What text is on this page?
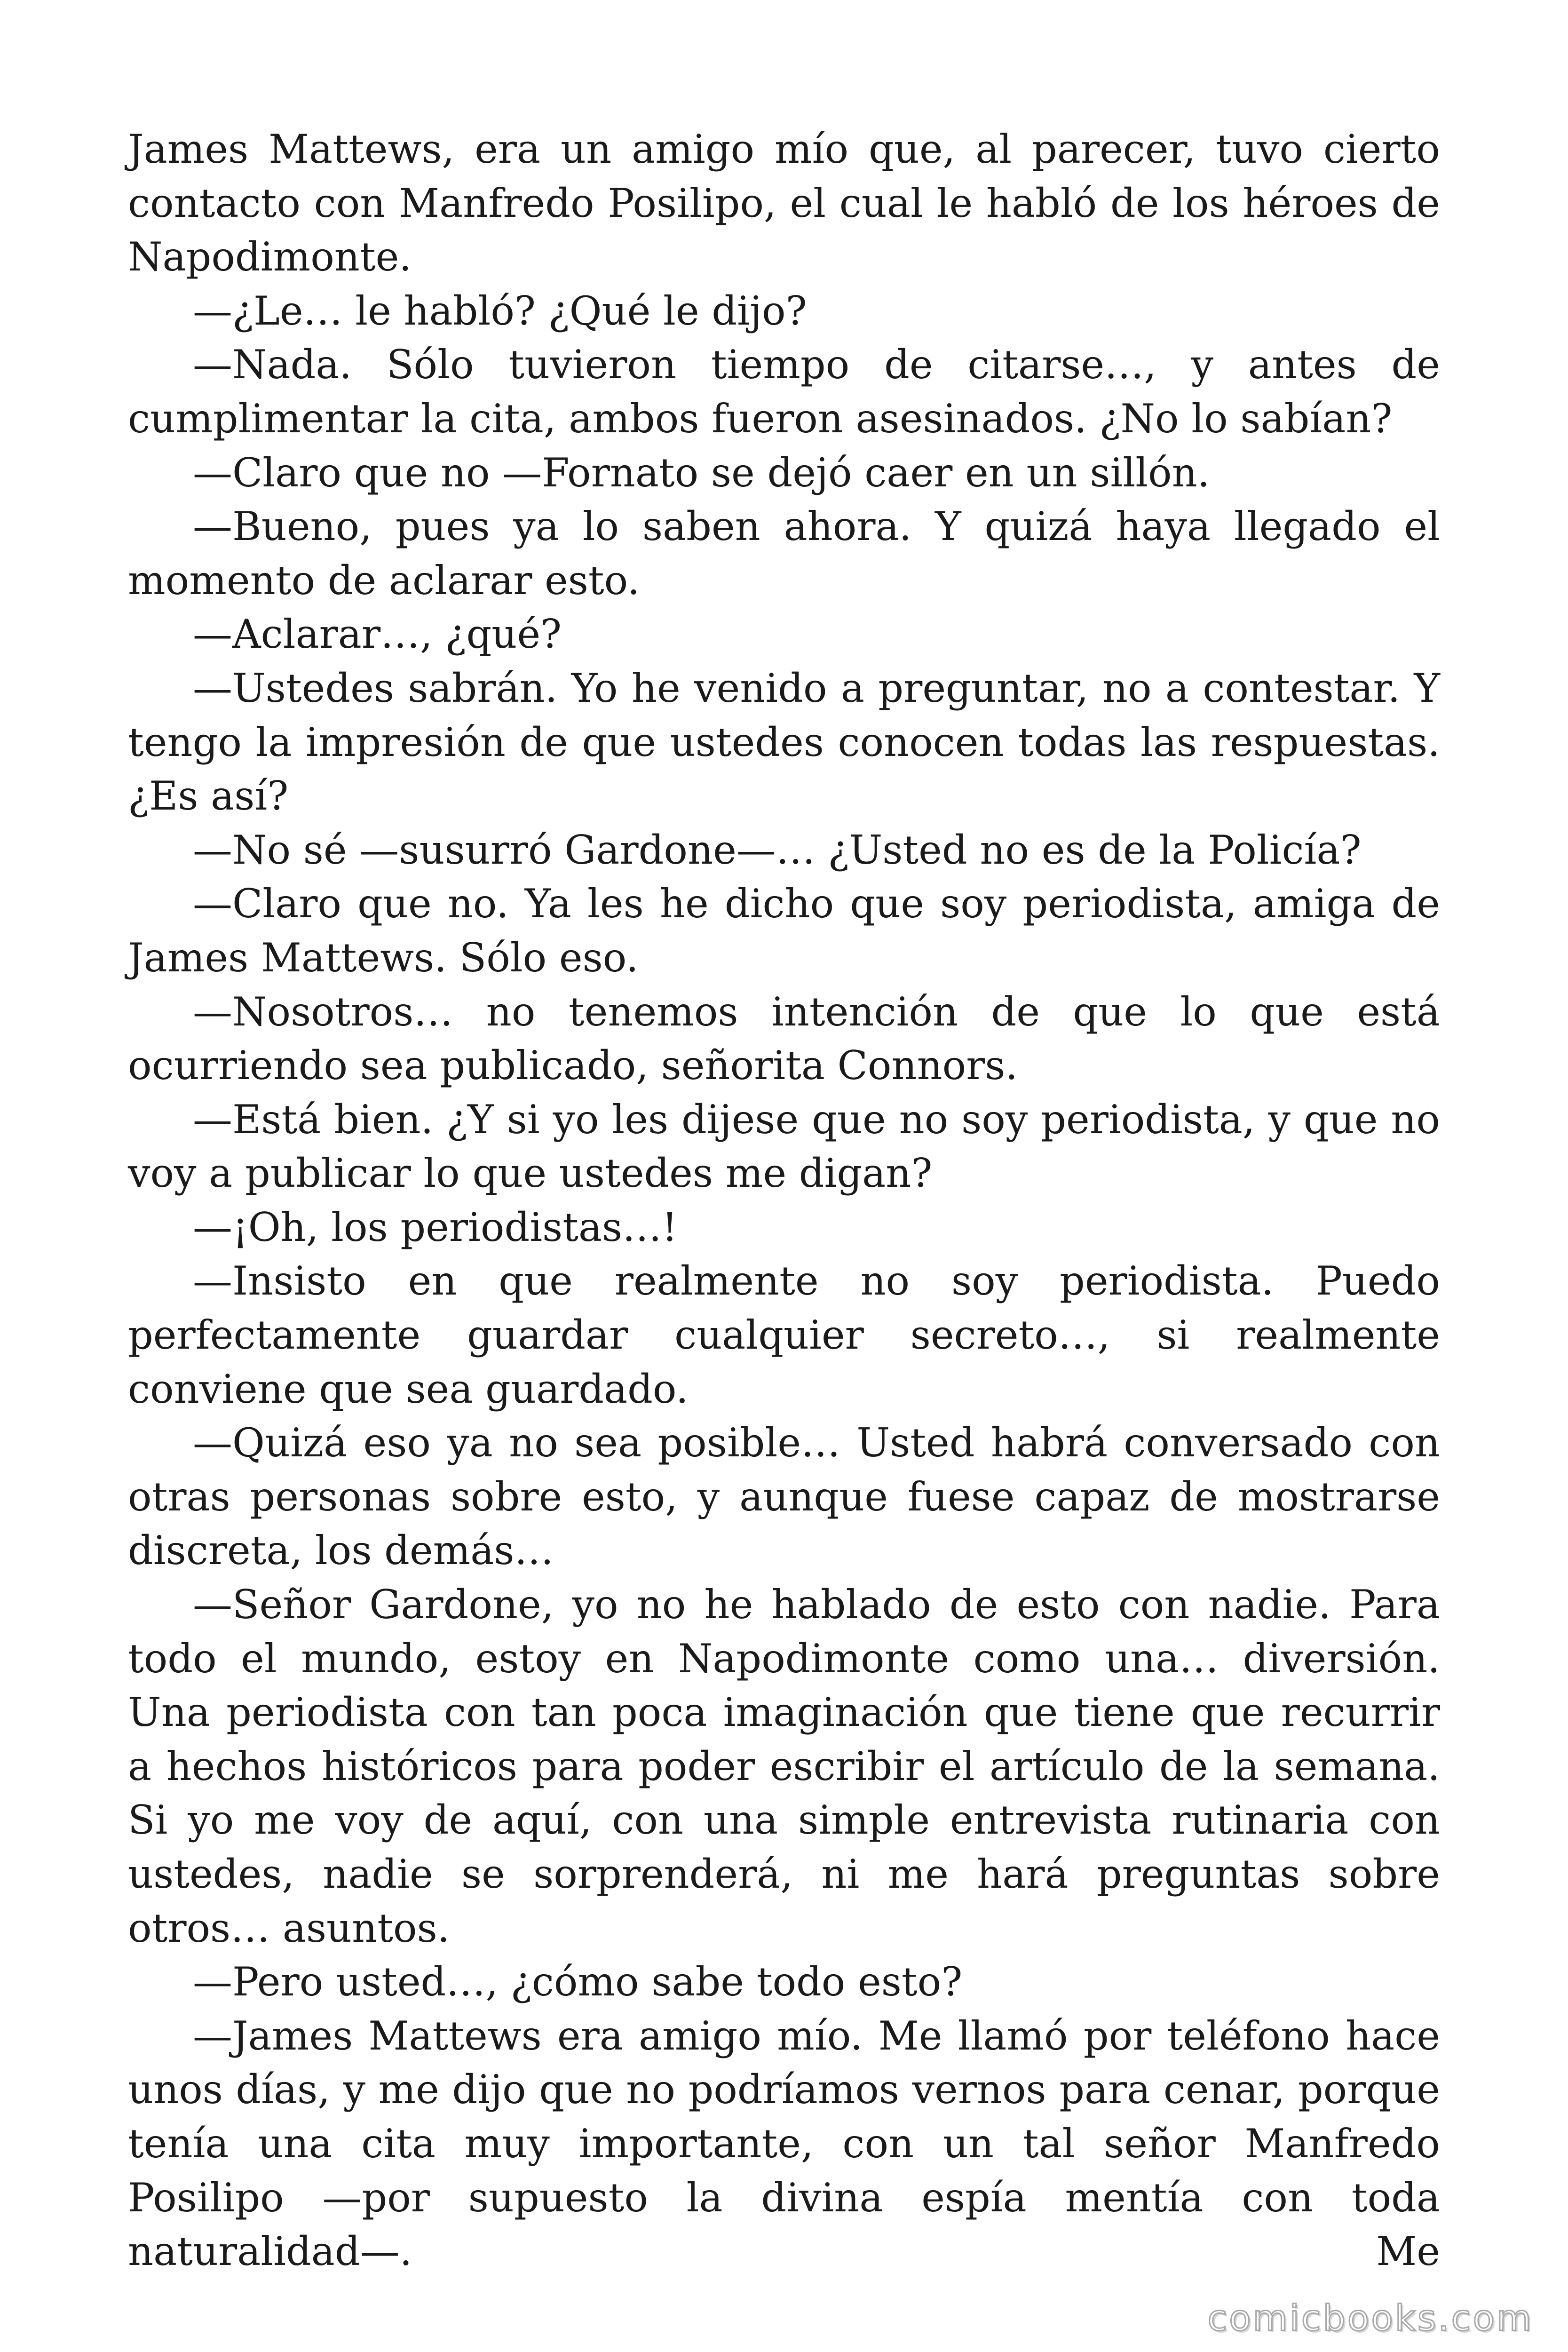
James Mattews, era un amigo mío que, al parecer, tuvo cierto contacto con Manfredo Posilipo, el cual le habló de los héroes de Napodimonte.

—¿Le… le habló? ¿Qué le dijo?

—Nada. Sólo tuvieron tiempo de citarse…, y antes de cumplimentar la cita, ambos fueron asesinados. ¿No lo sabían?

—Claro que no —Fornato se dejó caer en un sillón.

—Bueno, pues ya lo saben ahora. Y quizá haya llegado el momento de aclarar esto.

—Aclarar…, ¿qué?

—Ustedes sabrán. Yo he venido a preguntar, no a contestar. Y tengo la impresión de que ustedes conocen todas las respuestas. ¿Es así?

—No sé —susurró Gardone—… ¿Usted no es de la Policía?

—Claro que no. Ya les he dicho que soy periodista, amiga de James Mattews. Sólo eso.

—Nosotros… no tenemos intención de que lo que está ocurriendo sea publicado, señorita Connors.

—Está bien. ¿Y si yo les dijese que no soy periodista, y que no voy a publicar lo que ustedes me digan?

—¡Oh, los periodistas…!

—Insisto en que realmente no soy periodista. Puedo perfectamente guardar cualquier secreto…, si realmente conviene que sea guardado.

—Quizá eso ya no sea posible… Usted habrá conversado con otras personas sobre esto, y aunque fuese capaz de mostrarse discreta, los demás…

—Señor Gardone, yo no he hablado de esto con nadie. Para todo el mundo, estoy en Napodimonte como una… diversión. Una periodista con tan poca imaginación que tiene que recurrir a hechos históricos para poder escribir el artículo de la semana. Si yo me voy de aquí, con una simple entrevista rutinaria con ustedes, nadie se sorprenderá, ni me hará preguntas sobre otros… asuntos.

—Pero usted…, ¿cómo sabe todo esto?

—James Mattews era amigo mío. Me llamó por teléfono hace unos días, y me dijo que no podríamos vernos para cenar, porque tenía una cita muy importante, con un tal señor Manfredo Posilipo —por supuesto la divina espía mentía con toda naturalidad—. Me

comicbooks.com
